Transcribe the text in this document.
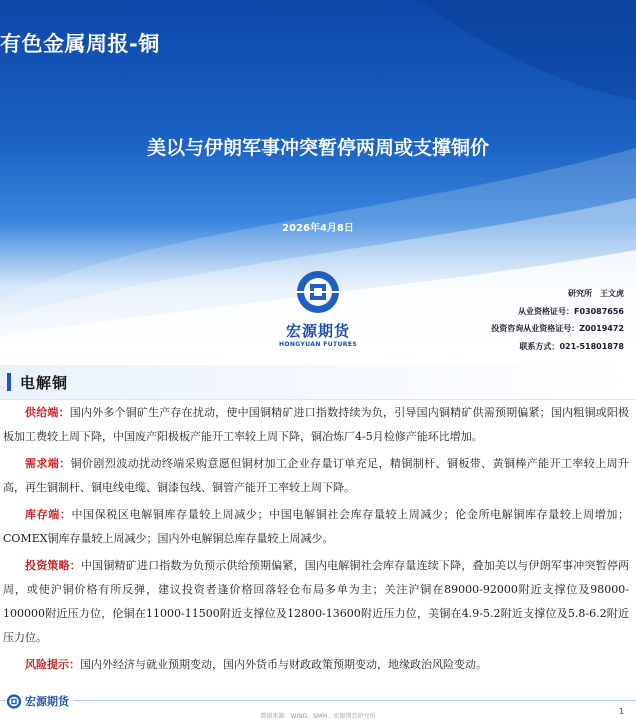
有色金属周报-铜
美以与伊朗军事冲突暂停两周或支撑铜价
2026年4月8日
宏源期货
HONGYUAN FUTURES
研究所　王文虎
从业资格证号：F03087656
投资咨询从业资格证号：Z0019472
联系方式：021-51801878
电解铜

供给端：国内外多个铜矿生产存在扰动，使中国铜精矿进口指数持续为负，引导国内铜精矿供需预期偏紧；国内粗铜或阳极板加工费较上周下降，中国废产阳极板产能开工率较上周下降，铜冶炼厂4-5月检修产能环比增加。

需求端：铜价剧烈波动扰动终端采购意愿但铜材加工企业存量订单充足，精铜制杆、铜板带、黄铜棒产能开工率较上周升高，再生铜制杆、铜电线电缆、铜漆包线、铜管产能开工率较上周下降。

库存端：中国保税区电解铜库存量较上周减少；中国电解铜社会库存量较上周减少；伦金所电解铜库存量较上周增加；COMEX铜库存量较上周减少；国内外电解铜总库存量较上周减少。

投资策略：中国铜精矿进口指数为负预示供给预期偏紧，国内电解铜社会库存量连续下降，叠加美以与伊朗军事冲突暂停两周，或使沪铜价格有所反弹，建议投资者逢价格回落轻仓布局多单为主；关注沪铜在89000-92000附近支撑位及98000-100000附近压力位，伦铜在11000-11500附近支撑位及12800-13600附近压力位，美铜在4.9-5.2附近支撑位及5.8-6.2附近压力位。

风险提示：国内外经济与就业预期变动，国内外货币与财政政策预期变动，地缘政治风险变动。

宏源期货
数据来源：WIND、SMM、宏源期货研究所
1
